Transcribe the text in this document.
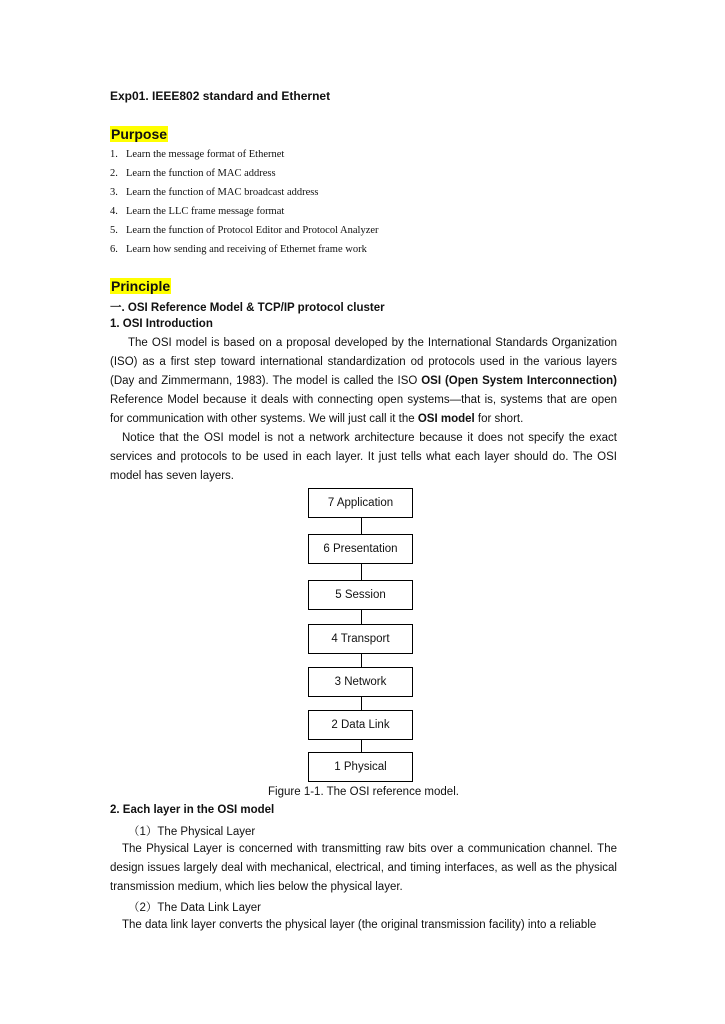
Exp01. IEEE802 standard and Ethernet
Purpose
1. Learn the message format of Ethernet
2. Learn the function of MAC address
3. Learn the function of MAC broadcast address
4. Learn the LLC frame message format
5. Learn the function of Protocol Editor and Protocol Analyzer
6. Learn how sending and receiving of Ethernet frame work
Principle
一. OSI Reference Model & TCP/IP protocol cluster
1. OSI Introduction

The OSI model is based on a proposal developed by the International Standards Organization (ISO) as a first step toward international standardization od protocols used in the various layers (Day and Zimmermann, 1983). The model is called the ISO OSI (Open System Interconnection) Reference Model because it deals with connecting open systems—that is, systems that are open for communication with other systems. We will just call it the OSI model for short.

Notice that the OSI model is not a network architecture because it does not specify the exact services and protocols to be used in each layer. It just tells what each layer should do. The OSI model has seven layers.

7 Application
6 Presentation
5 Session
4 Transport
3 Network
2 Data Link
1 Physical
Figure 1-1. The OSI reference model.
2. Each layer in the OSI model
（1）The Physical Layer

The Physical Layer is concerned with transmitting raw bits over a communication channel. The design issues largely deal with mechanical, electrical, and timing interfaces, as well as the physical transmission medium, which lies below the physical layer.

（2）The Data Link Layer

The data link layer converts the physical layer (the original transmission facility) into a reliable
